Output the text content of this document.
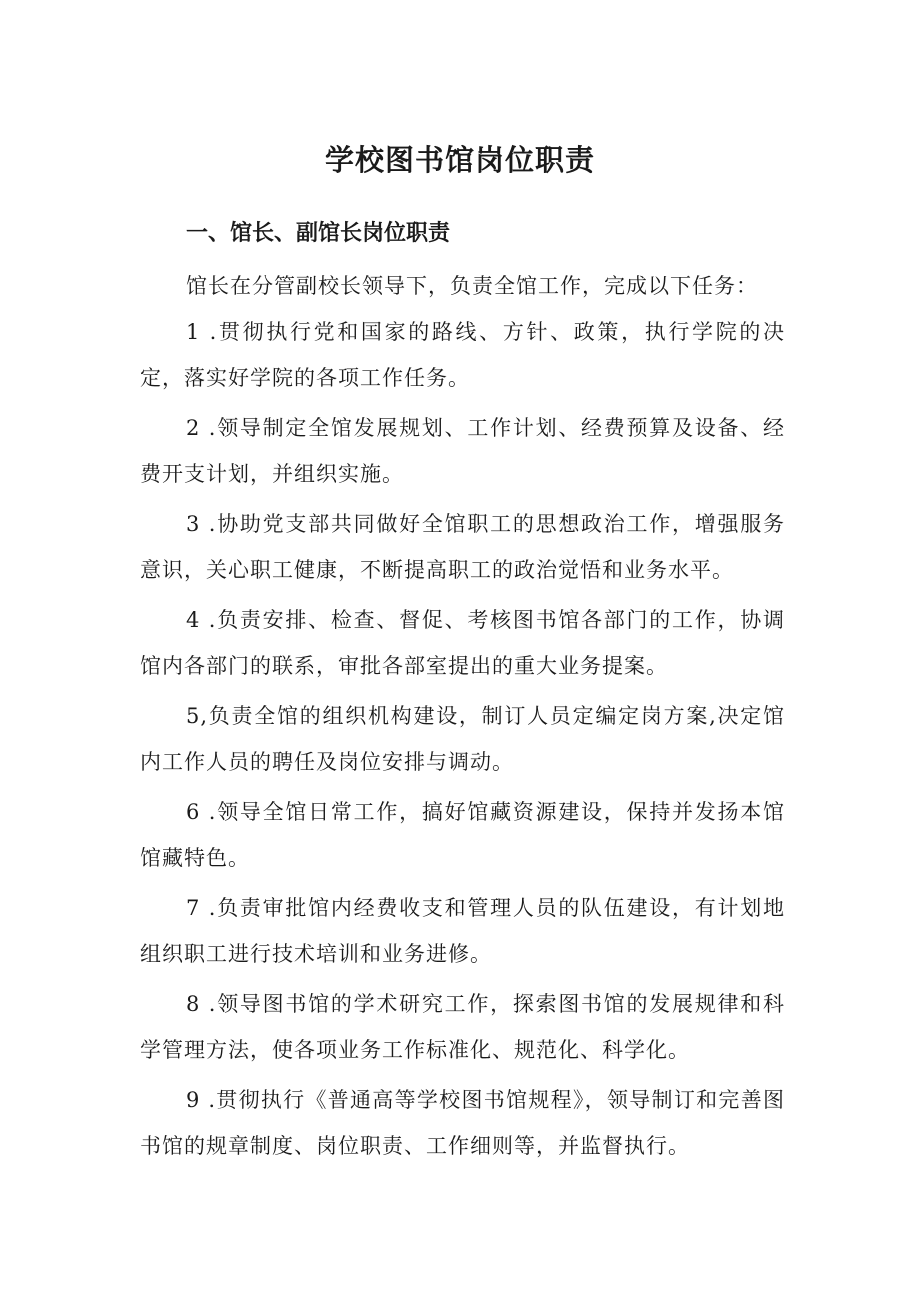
学校图书馆岗位职责
一、馆长、副馆长岗位职责

馆长在分管副校长领导下，负责全馆工作，完成以下任务：

1 .贯彻执行党和国家的路线、方针、政策，执行学院的决定，落实好学院的各项工作任务。

2 .领导制定全馆发展规划、工作计划、经费预算及设备、经费开支计划，并组织实施。

3 .协助党支部共同做好全馆职工的思想政治工作，增强服务意识，关心职工健康，不断提高职工的政治觉悟和业务水平。

4 .负责安排、检查、督促、考核图书馆各部门的工作，协调馆内各部门的联系，审批各部室提出的重大业务提案。

5,负责全馆的组织机构建设，制订人员定编定岗方案,决定馆内工作人员的聘任及岗位安排与调动。

6 .领导全馆日常工作，搞好馆藏资源建设，保持并发扬本馆馆藏特色。

7 .负责审批馆内经费收支和管理人员的队伍建设，有计划地组织职工进行技术培训和业务进修。

8 .领导图书馆的学术研究工作，探索图书馆的发展规律和科学管理方法，使各项业务工作标准化、规范化、科学化。

9 .贯彻执行《普通高等学校图书馆规程》，领导制订和完善图书馆的规章制度、岗位职责、工作细则等，并监督执行。
